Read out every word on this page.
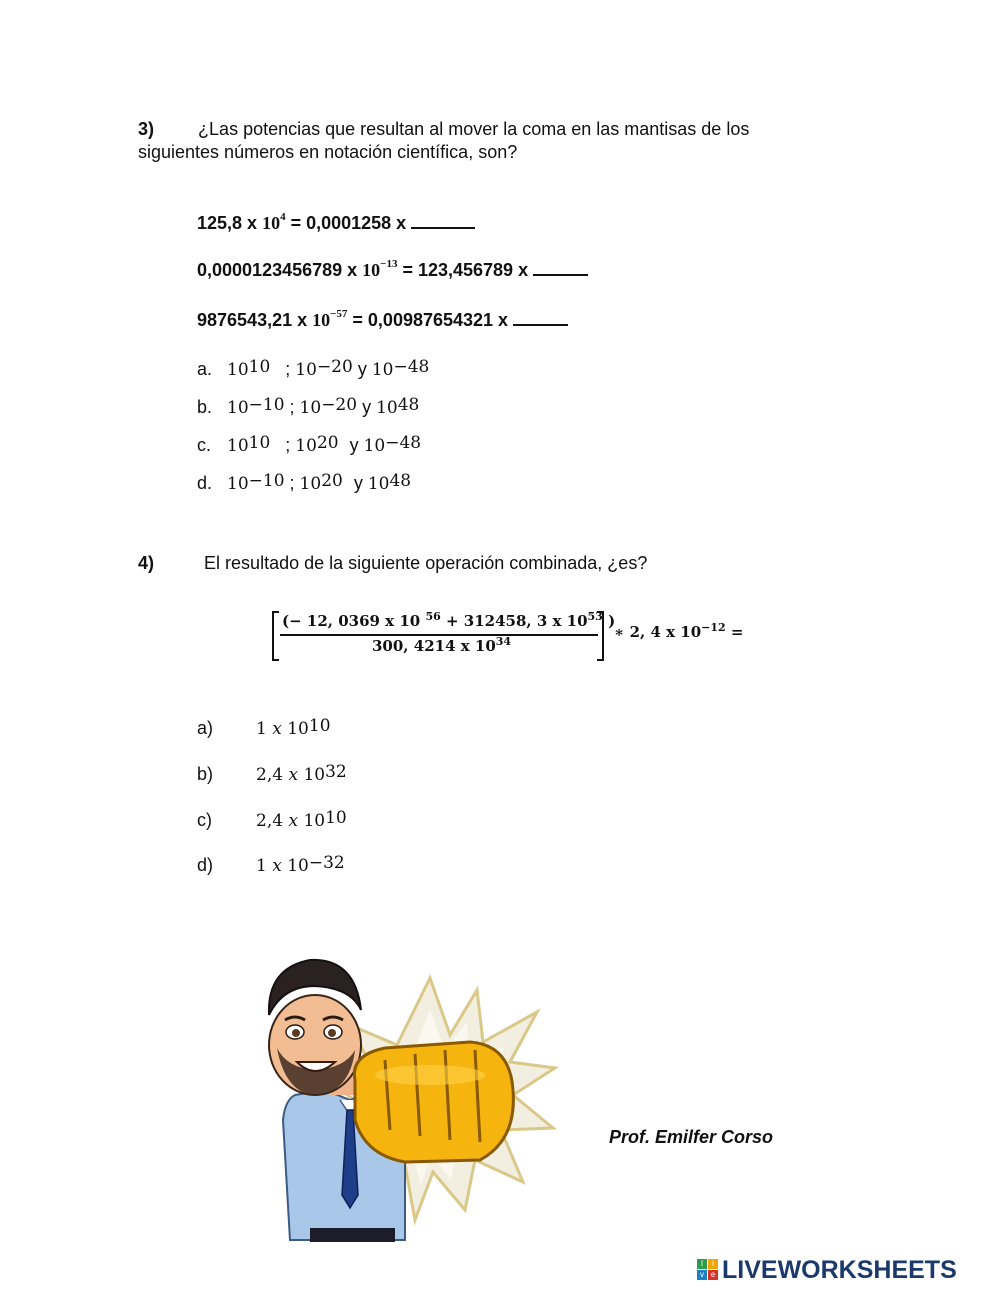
3) ¿Las potencias que resultan al mover la coma en las mantisas de los
siguientes números en notación científica, son?
125,8 x $10^4 = 0,0001258$ x
0,0000123456789 x $10^{-13} = 123,456789$ x
9876543,21 x $10^{-57} = 0,00987654321$ x
a. $10^{10}$ ; $10^{-20}$ y $10^{-48}$
b. $10^{-10}$ ; $10^{-20}$ y $10^{48}$
c. $10^{10}$ ; $10^{20}$ y $10^{-48}$
d. $10^{-10}$ ; $10^{20}$ y $10^{48}$
4)	El resultado de la siguiente operación combinada, ¿es?
(− 12, 0369 x 10 $^{56}$ + 312458, 3 x $10^{53}$ )
300, 4214 x $10^{34}$
∗ 2, 4 x $10^{-12}$ =
a)	1 x $10^{10}$
b)	2,4 x $10^{32}$
c)	2,4 x $10^{10}$
d)	1 x $10^{-32}$
Prof. Emilfer Corso
l	i
v e LIVEWORKSHEETS
